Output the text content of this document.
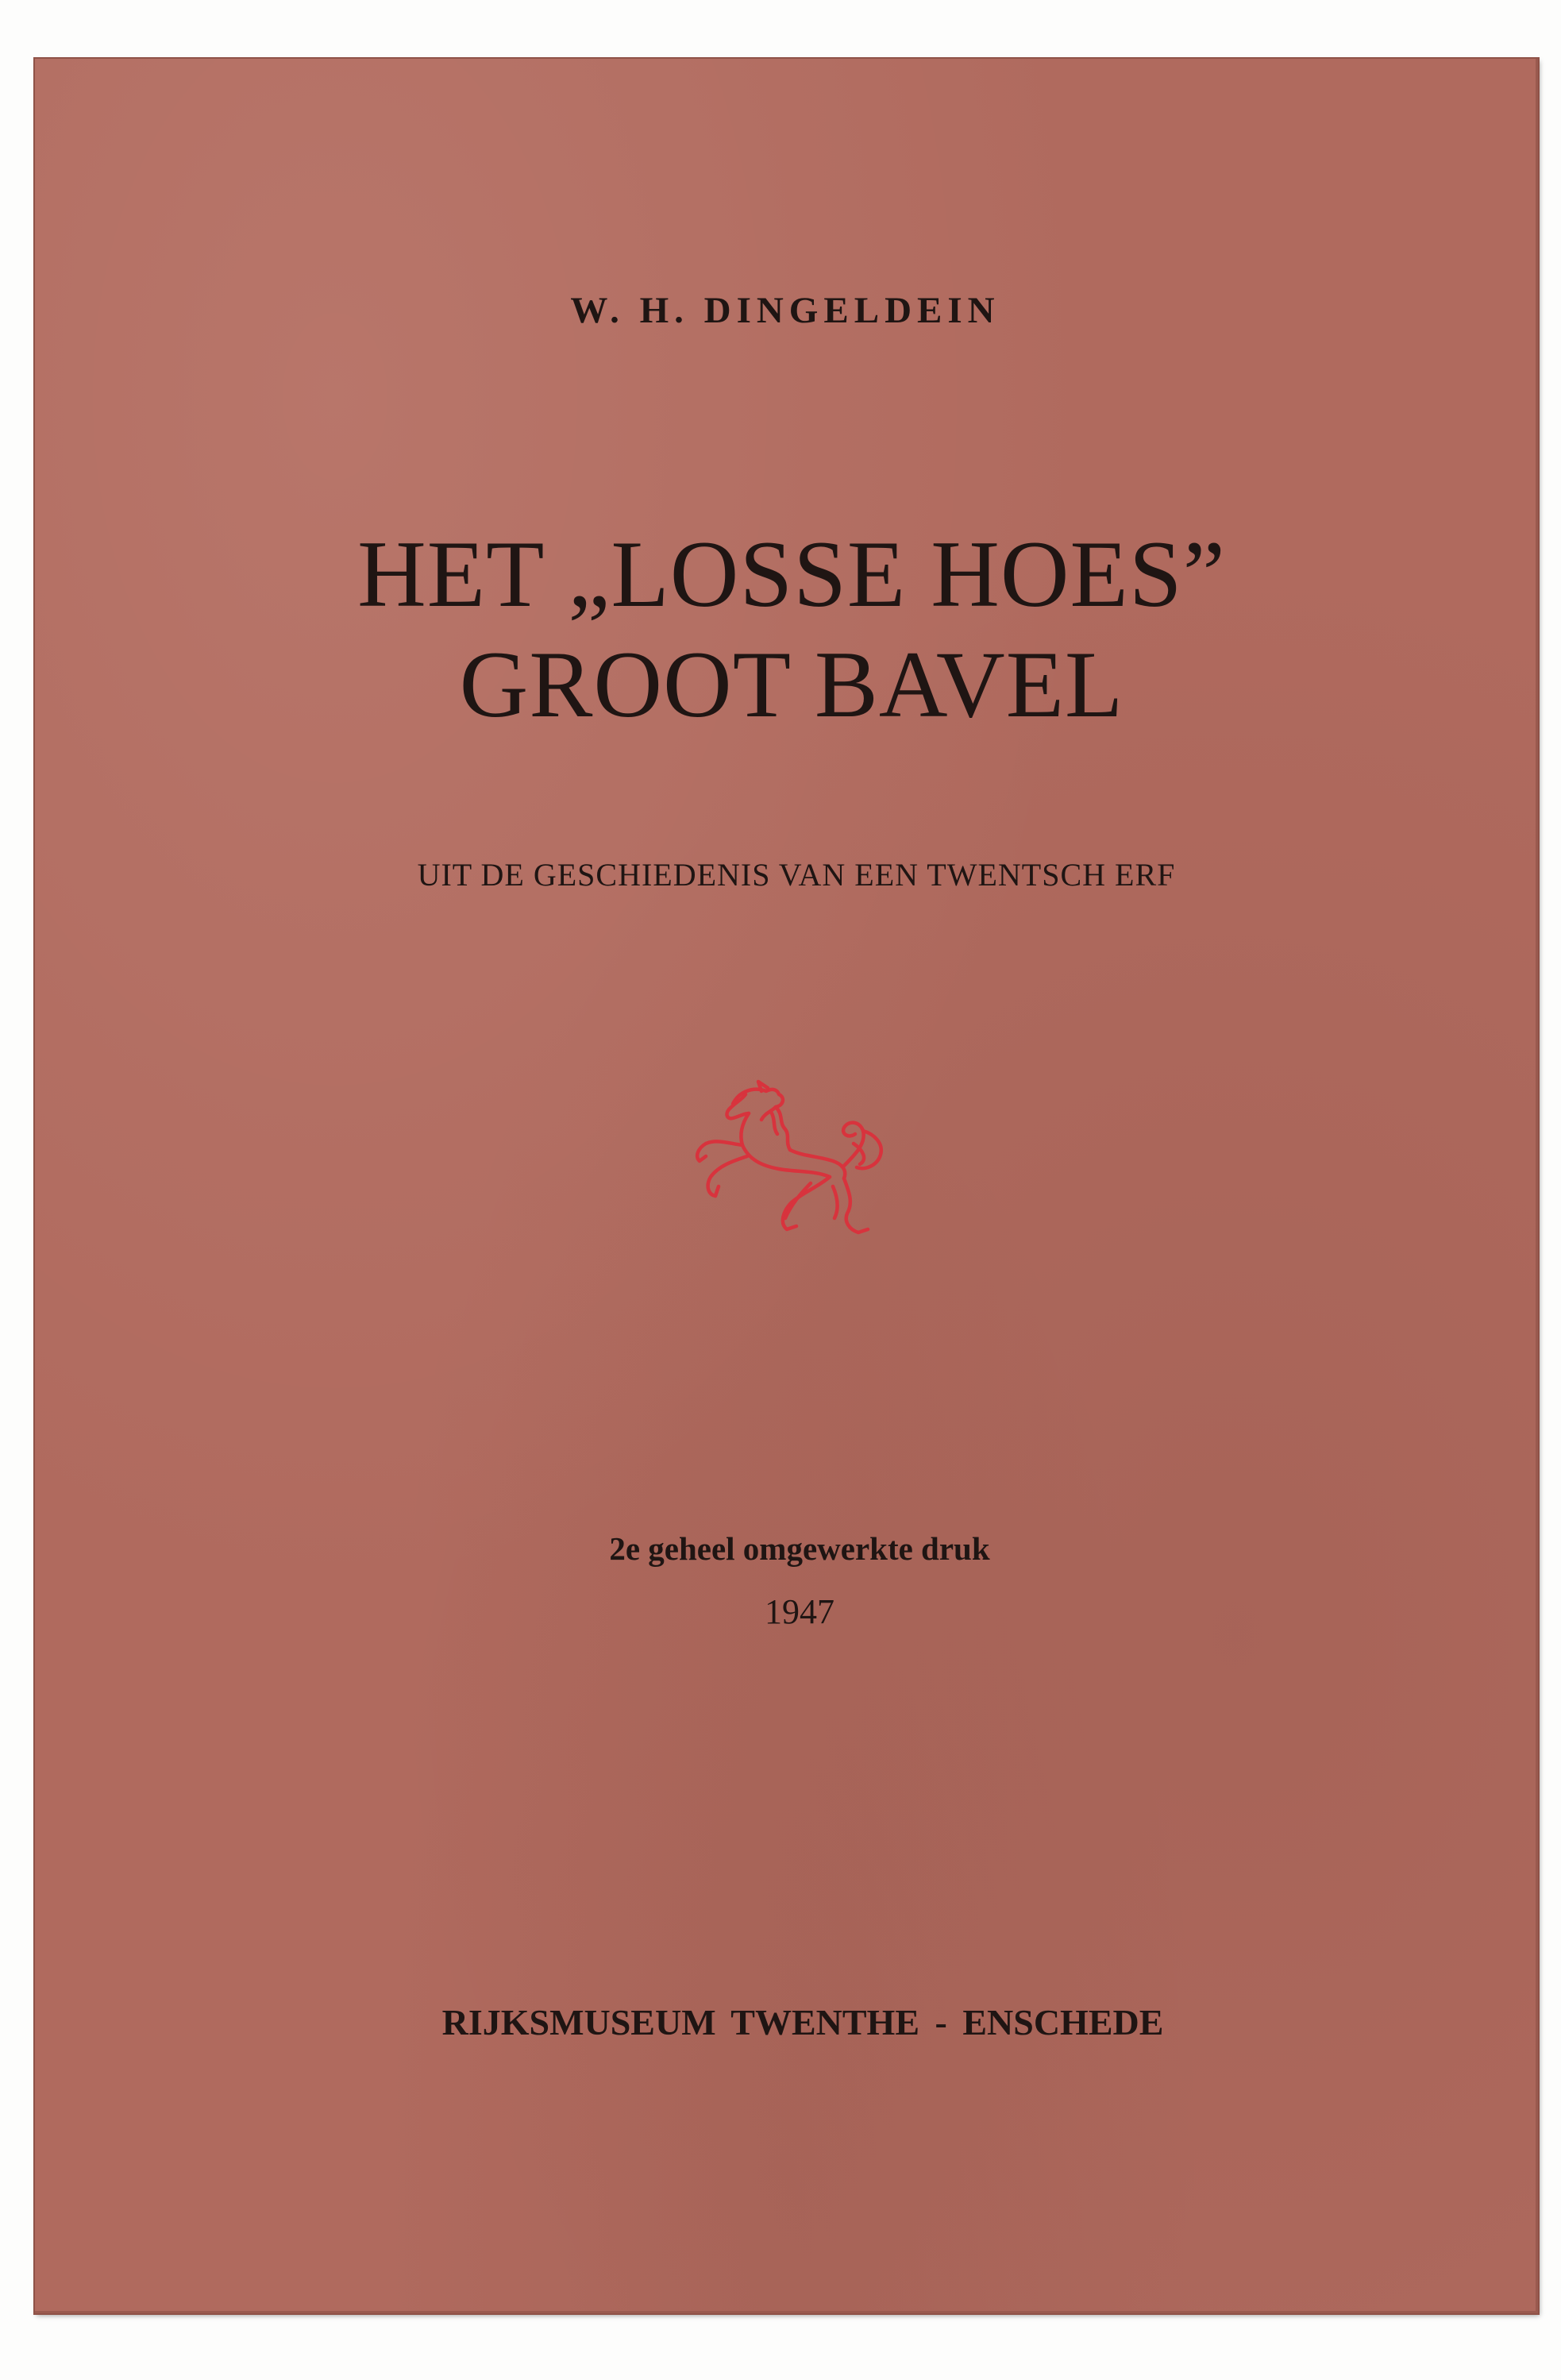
W. H. DINGELDEIN
HET „LOSSE HOES”
GROOT BAVEL
UIT DE GESCHIEDENIS VAN EEN TWENTSCH ERF
2e geheel omgewerkte druk
1947
RIJKSMUSEUM TWENTHE - ENSCHEDE
